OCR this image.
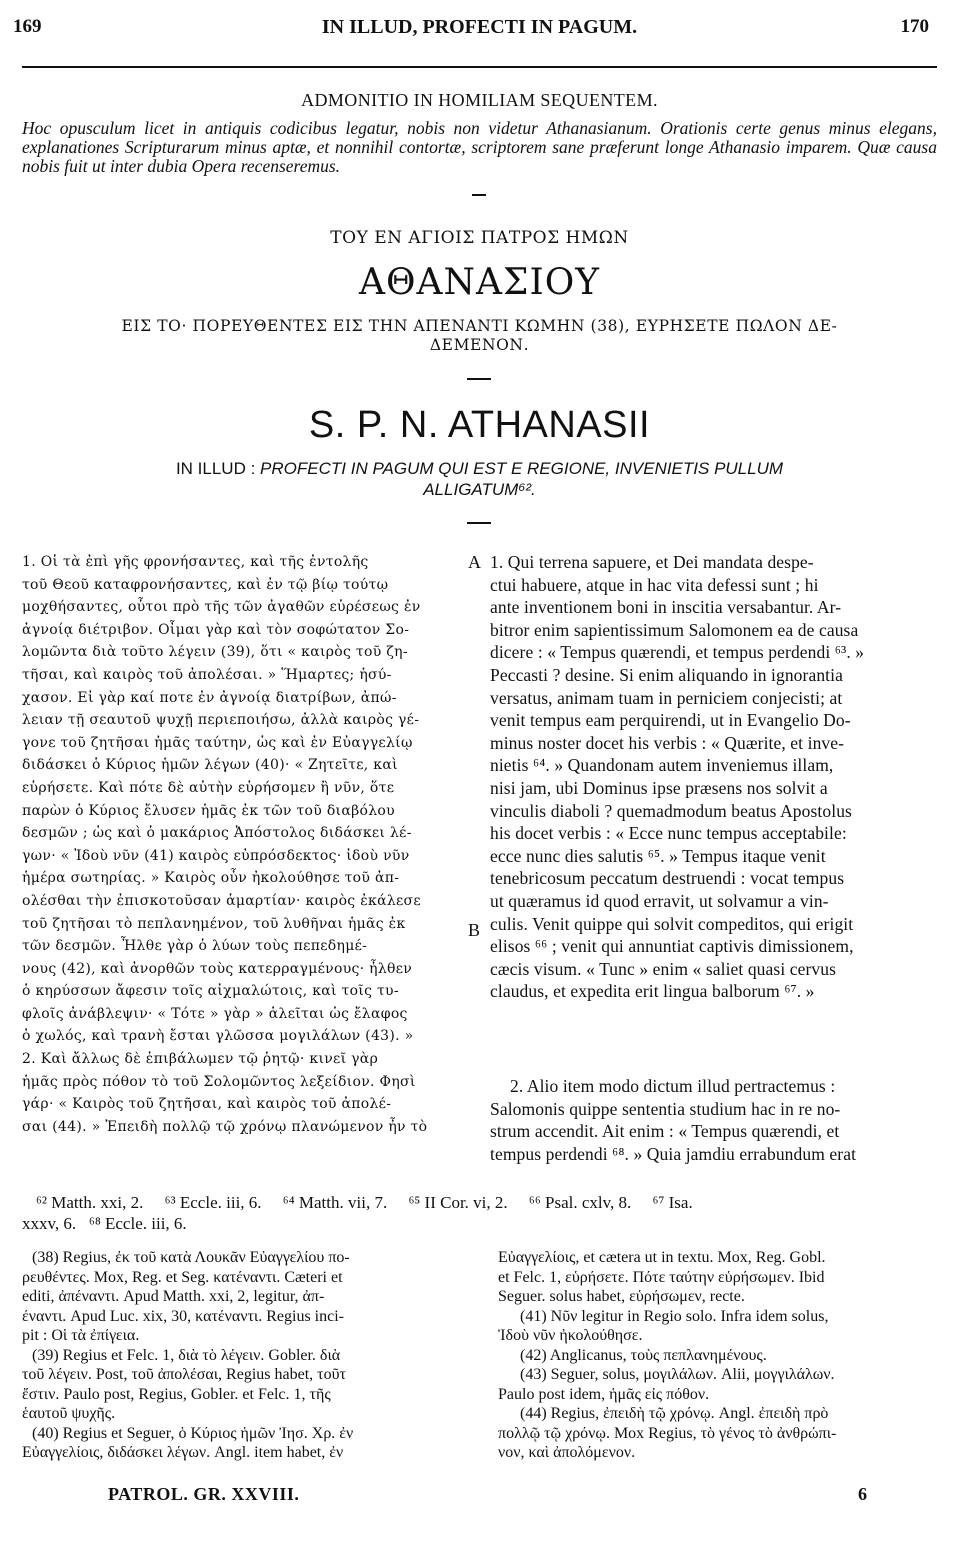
169	IN ILLUD, PROFECTI IN PAGUM.	170
ADMONITIO IN HOMILIAM SEQUENTEM.
Hoc opusculum licet in antiquis codicibus legatur, nobis non videtur Athanasianum. Orationis certe genus minus elegans, explanationes Scripturarum minus aptæ, et nonnihil contortæ, scriptorem sane præferunt longe Athanasio imparem. Quæ causa nobis fuit ut inter dubia Opera recenseremus.
ΤΟΥ ΕΝ ΑΓΙΟΙΣ ΠΑΤΡΟΣ ΗΜΩΝ
ΑΘΑΝΑΣΙΟΥ
ΕΙΣ ΤΟ· ΠΟΡΕΥΘΕΝΤΕΣ ΕΙΣ ΤΗΝ ΑΠΕΝΑΝΤΙ ΚΩΜΗΝ (38), ΕΥΡΗΣΕΤΕ ΠΩΛΟΝ ΔΕ-
ΔΕΜΕΝΟΝ.
S. P. N. ATHANASII
IN ILLUD : PROFECTI IN PAGUM QUI EST E REGIONE, INVENIETIS PULLUM
ALLIGATUM⁶².
A
B

1. Οἱ τὰ ἐπὶ γῆς φρονήσαντες, καὶ τῆς ἐντολῆς

τοῦ Θεοῦ καταφρονήσαντες, καὶ ἐν τῷ βίῳ τούτῳ

μοχθήσαντες, οὗτοι πρὸ τῆς τῶν ἀγαθῶν εὑρέσεως ἐν

ἀγνοίᾳ διέτριβον. Οἶμαι γὰρ καὶ τὸν σοφώτατον Σο-

λομῶντα διὰ τοῦτο λέγειν (39), ὅτι « καιρὸς τοῦ ζη-

τῆσαι, καὶ καιρὸς τοῦ ἀπολέσαι. » Ἥμαρτες; ἡσύ-

χασον. Εἰ γὰρ καί ποτε ἐν ἀγνοίᾳ διατρίβων, ἀπώ-

λειαν τῇ σεαυτοῦ ψυχῇ περιεποιήσω, ἀλλὰ καιρὸς γέ-

γονε τοῦ ζητῆσαι ἡμᾶς ταύτην, ὡς καὶ ἐν Εὐαγγελίῳ

διδάσκει ὁ Κύριος ἡμῶν λέγων (40)· « Ζητεῖτε, καὶ

εὑρήσετε. Καὶ πότε δὲ αὐτὴν εὑρήσομεν ἢ νῦν, ὅτε

παρὼν ὁ Κύριος ἔλυσεν ἡμᾶς ἐκ τῶν τοῦ διαβόλου

δεσμῶν ; ὡς καὶ ὁ μακάριος Ἀπόστολος διδάσκει λέ-

γων· « Ἰδοὺ νῦν (41) καιρὸς εὐπρόσδεκτος· ἰδοὺ νῦν

ἡμέρα σωτηρίας. » Καιρὸς οὖν ἠκολούθησε τοῦ ἀπ-

ολέσθαι τὴν ἐπισκοτοῦσαν ἁμαρτίαν· καιρὸς ἐκάλεσε

τοῦ ζητῆσαι τὸ πεπλανημένον, τοῦ λυθῆναι ἡμᾶς ἐκ

τῶν δεσμῶν. Ἦλθε γὰρ ὁ λύων τοὺς πεπεδημέ-

νους (42), καὶ ἀνορθῶν τοὺς κατερραγμένους· ἦλθεν

ὁ κηρύσσων ἄφεσιν τοῖς αἰχμαλώτοις, καὶ τοῖς τυ-

φλοῖς ἀνάβλεψιν· « Τότε » γὰρ » ἁλεῖται ὡς ἔλαφος

ὁ χωλός, καὶ τρανὴ ἔσται γλῶσσα μογιλάλων (43). »

2. Καὶ ἄλλως δὲ ἐπιβάλωμεν τῷ ῥητῷ· κινεῖ γὰρ

ἡμᾶς πρὸς πόθον τὸ τοῦ Σολομῶντος λεξείδιον. Φησὶ

γάρ· « Καιρὸς τοῦ ζητῆσαι, καὶ καιρὸς τοῦ ἀπολέ-

σαι (44). » Ἐπειδὴ πολλῷ τῷ χρόνῳ πλανώμενον ἦν τὸ

1. Qui terrena sapuere, et Dei mandata despe-

ctui habuere, atque in hac vita defessi sunt ; hi

ante inventionem boni in inscitia versabantur. Ar-

bitror enim sapientissimum Salomonem ea de causa

dicere : « Tempus quærendi, et tempus perdendi ⁶³. »

Peccasti ? desine. Si enim aliquando in ignorantia

versatus, animam tuam in perniciem conjecisti; at

venit tempus eam perquirendi, ut in Evangelio Do-

minus noster docet his verbis : « Quærite, et inve-

nietis ⁶⁴. » Quandonam autem inveniemus illam,

nisi jam, ubi Dominus ipse præsens nos solvit a

vinculis diaboli ? quemadmodum beatus Apostolus

his docet verbis : « Ecce nunc tempus acceptabile:

ecce nunc dies salutis ⁶⁵. » Tempus itaque venit

tenebricosum peccatum destruendi : vocat tempus

ut quæramus id quod erravit, ut solvamur a vin-

culis. Venit quippe qui solvit compeditos, qui erigit

elisos ⁶⁶ ; venit qui annuntiat captivis dimissionem,

cæcis visum. « Tunc » enim « saliet quasi cervus

claudus, et expedita erit lingua balborum ⁶⁷. »

2. Alio item modo dictum illud pertractemus :

Salomonis quippe sententia studium hac in re no-

strum accendit. Ait enim : « Tempus quærendi, et

tempus perdendi ⁶⁸. » Quia jamdiu errabundum erat

⁶² Matth. xxi, 2.     ⁶³ Eccle. iii, 6.     ⁶⁴ Matth. vii, 7.     ⁶⁵ II Cor. vi, 2.     ⁶⁶ Psal. cxlv, 8.     ⁶⁷ Isa.

xxxv, 6.   ⁶⁸ Eccle. iii, 6.

(38) Regius, ἐκ τοῦ κατὰ Λουκᾶν Εὐαγγελίου πο-

ρευθέντες. Mox, Reg. et Seg. κατέναντι. Cæteri et

editi, ἀπέναντι. Apud Matth. xxi, 2, legitur, ἀπ-

έναντι. Apud Luc. xix, 30, κατέναντι. Regius inci-

pit : Οἱ τὰ ἐπίγεια.

(39) Regius et Felc. 1, διὰ τὸ λέγειν. Gobler. διὰ

τοῦ λέγειν. Post, τοῦ ἀπολέσαι, Regius habet, τοῦτ

ἔστιν. Paulo post, Regius, Gobler. et Felc. 1, τῆς

ἑαυτοῦ ψυχῆς.

(40) Regius et Seguer, ὁ Κύριος ἡμῶν Ἰησ. Χρ. ἐν

Εὐαγγελίοις, διδάσκει λέγων. Angl. item habet, ἐν

Εὐαγγελίοις, et cætera ut in textu. Mox, Reg. Gobl.

et Felc. 1, εὑρήσετε. Πότε ταύτην εὑρήσωμεν. Ibid

Seguer. solus habet, εὑρήσωμεν, recte.

(41) Νῦν legitur in Regio solo. Infra idem solus,

Ἰδοὺ νῦν ἠκολούθησε.

(42) Anglicanus, τοὺς πεπλανημένους.

(43) Seguer, solus, μογιλάλων. Alii, μογγιλάλων.

Paulo post idem, ἡμᾶς εἰς πόθον.

(44) Regius, ἐπειδὴ τῷ χρόνῳ. Angl. ἐπειδὴ πρὸ

πολλῷ τῷ χρόνῳ. Mox Regius, τὸ γένος τὸ ἀνθρώπι-

νον, καὶ ἀπολόμενον.

PATROL. GR. XXVIII.	6
